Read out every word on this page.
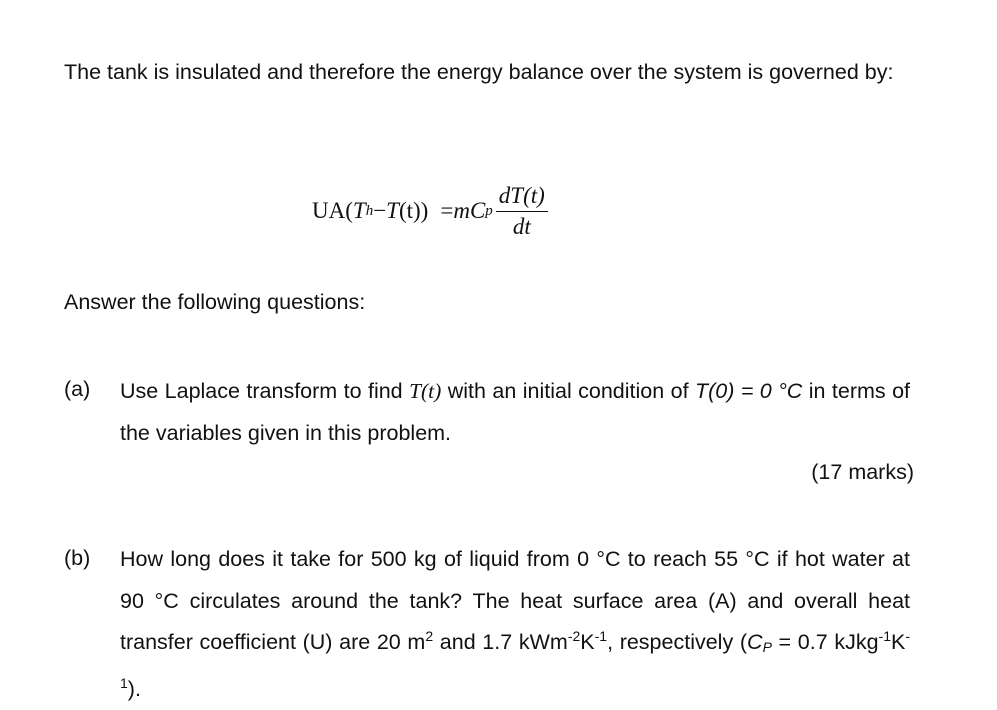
The tank is insulated and therefore the energy balance over the system is governed by:

UA( T h − T (t)) = m C p $\frac{dT(t)}{dt}$

Answer the following questions:

(a) Use Laplace transform to find T(t) with an initial condition of T(0) = 0 °C in terms of the variables given in this problem.

(17 marks)

(b) How long does it take for 500 kg of liquid from 0 °C to reach 55 °C if hot water at 90 °C circulates around the tank? The heat surface area (A) and overall heat transfer coefficient (U) are 20 $m^2$ and 1.7 $kWm^{-2}K^{-1}$, respectively (CP = 0.7 $kJkg^{-1}K^{-1}$).
